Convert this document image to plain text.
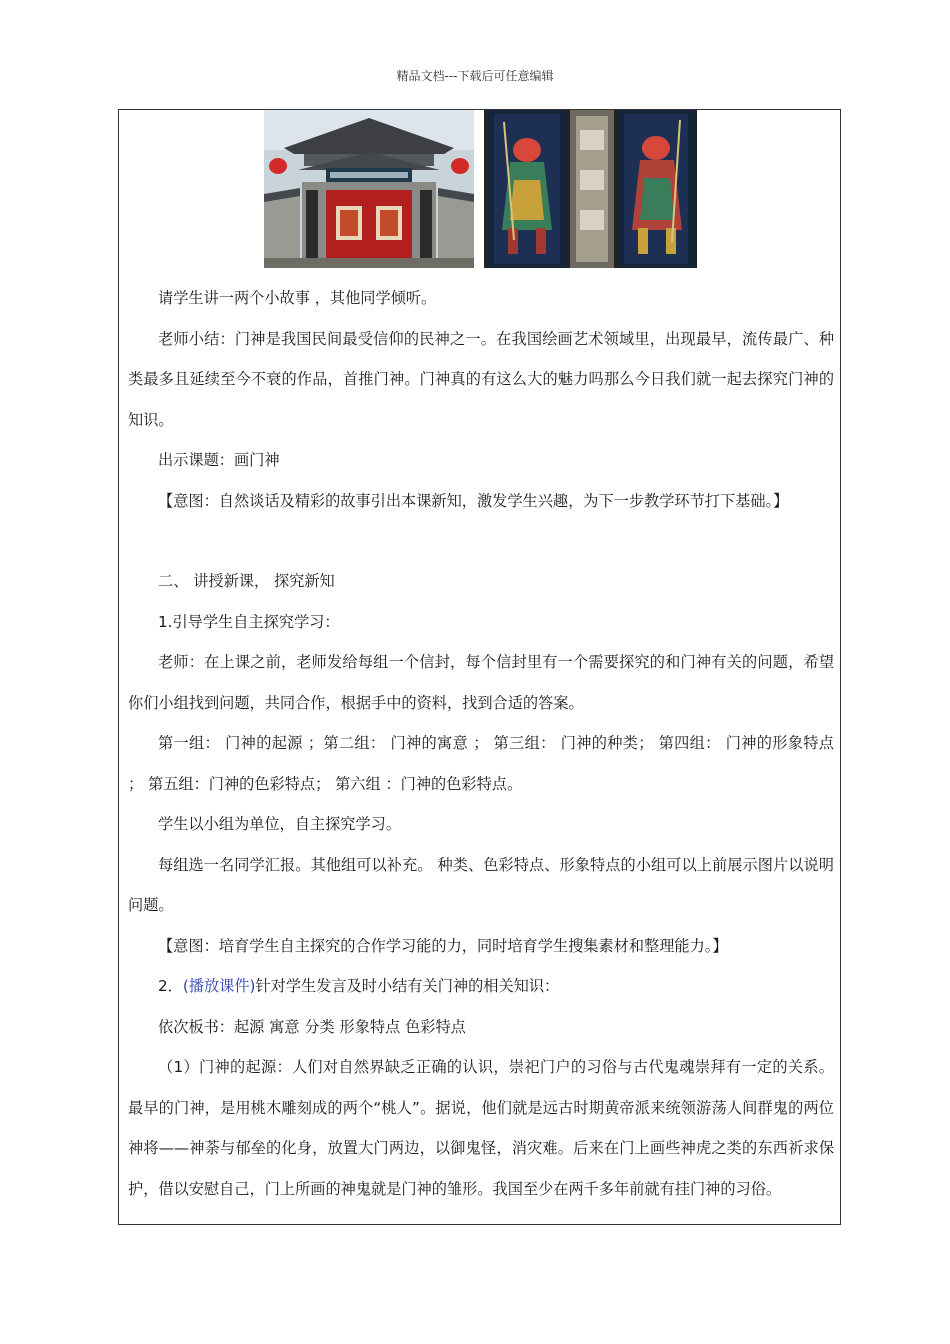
精品文档---下载后可任意编辑

请学生讲一两个小故事 ，其他同学倾听。

老师小结：门神是我国民间最受信仰的民神之一。在我国绘画艺术领域里，出现最早，流传最广、种类最多且延续至今不衰的作品，首推门神。门神真的有这么大的魅力吗那么今日我们就一起去探究门神的知识。

出示课题：画门神

【意图：自然谈话及精彩的故事引出本课新知，激发学生兴趣，为下一步教学环节打下基础。】

二、 讲授新课， 探究新知

1.引导学生自主探究学习：

老师：在上课之前，老师发给每组一个信封，每个信封里有一个需要探究的和门神有关的问题，希望你们小组找到问题，共同合作，根据手中的资料，找到合适的答案。

第一组： 门神的起源 ；第二组： 门神的寓意 ； 第三组： 门神的种类； 第四组： 门神的形象特点 ； 第五组：门神的色彩特点； 第六组 ：门神的色彩特点。

学生以小组为单位，自主探究学习。

每组选一名同学汇报。其他组可以补充。 种类、色彩特点、形象特点的小组可以上前展示图片以说明问题。

【意图：培育学生自主探究的合作学习能的力，同时培育学生搜集素材和整理能力。】

2．(播放课件)针对学生发言及时小结有关门神的相关知识：

依次板书：起源 寓意 分类 形象特点 色彩特点

（1）门神的起源：人们对自然界缺乏正确的认识，崇祀门户的习俗与古代鬼魂崇拜有一定的关系。最早的门神，是用桃木雕刻成的两个“桃人”。据说，他们就是远古时期黄帝派来统领游荡人间群鬼的两位神将——神荼与郁垒的化身，放置大门两边，以御鬼怪，消灾难。后来在门上画些神虎之类的东西祈求保护，借以安慰自己，门上所画的神鬼就是门神的雏形。我国至少在两千多年前就有挂门神的习俗。
